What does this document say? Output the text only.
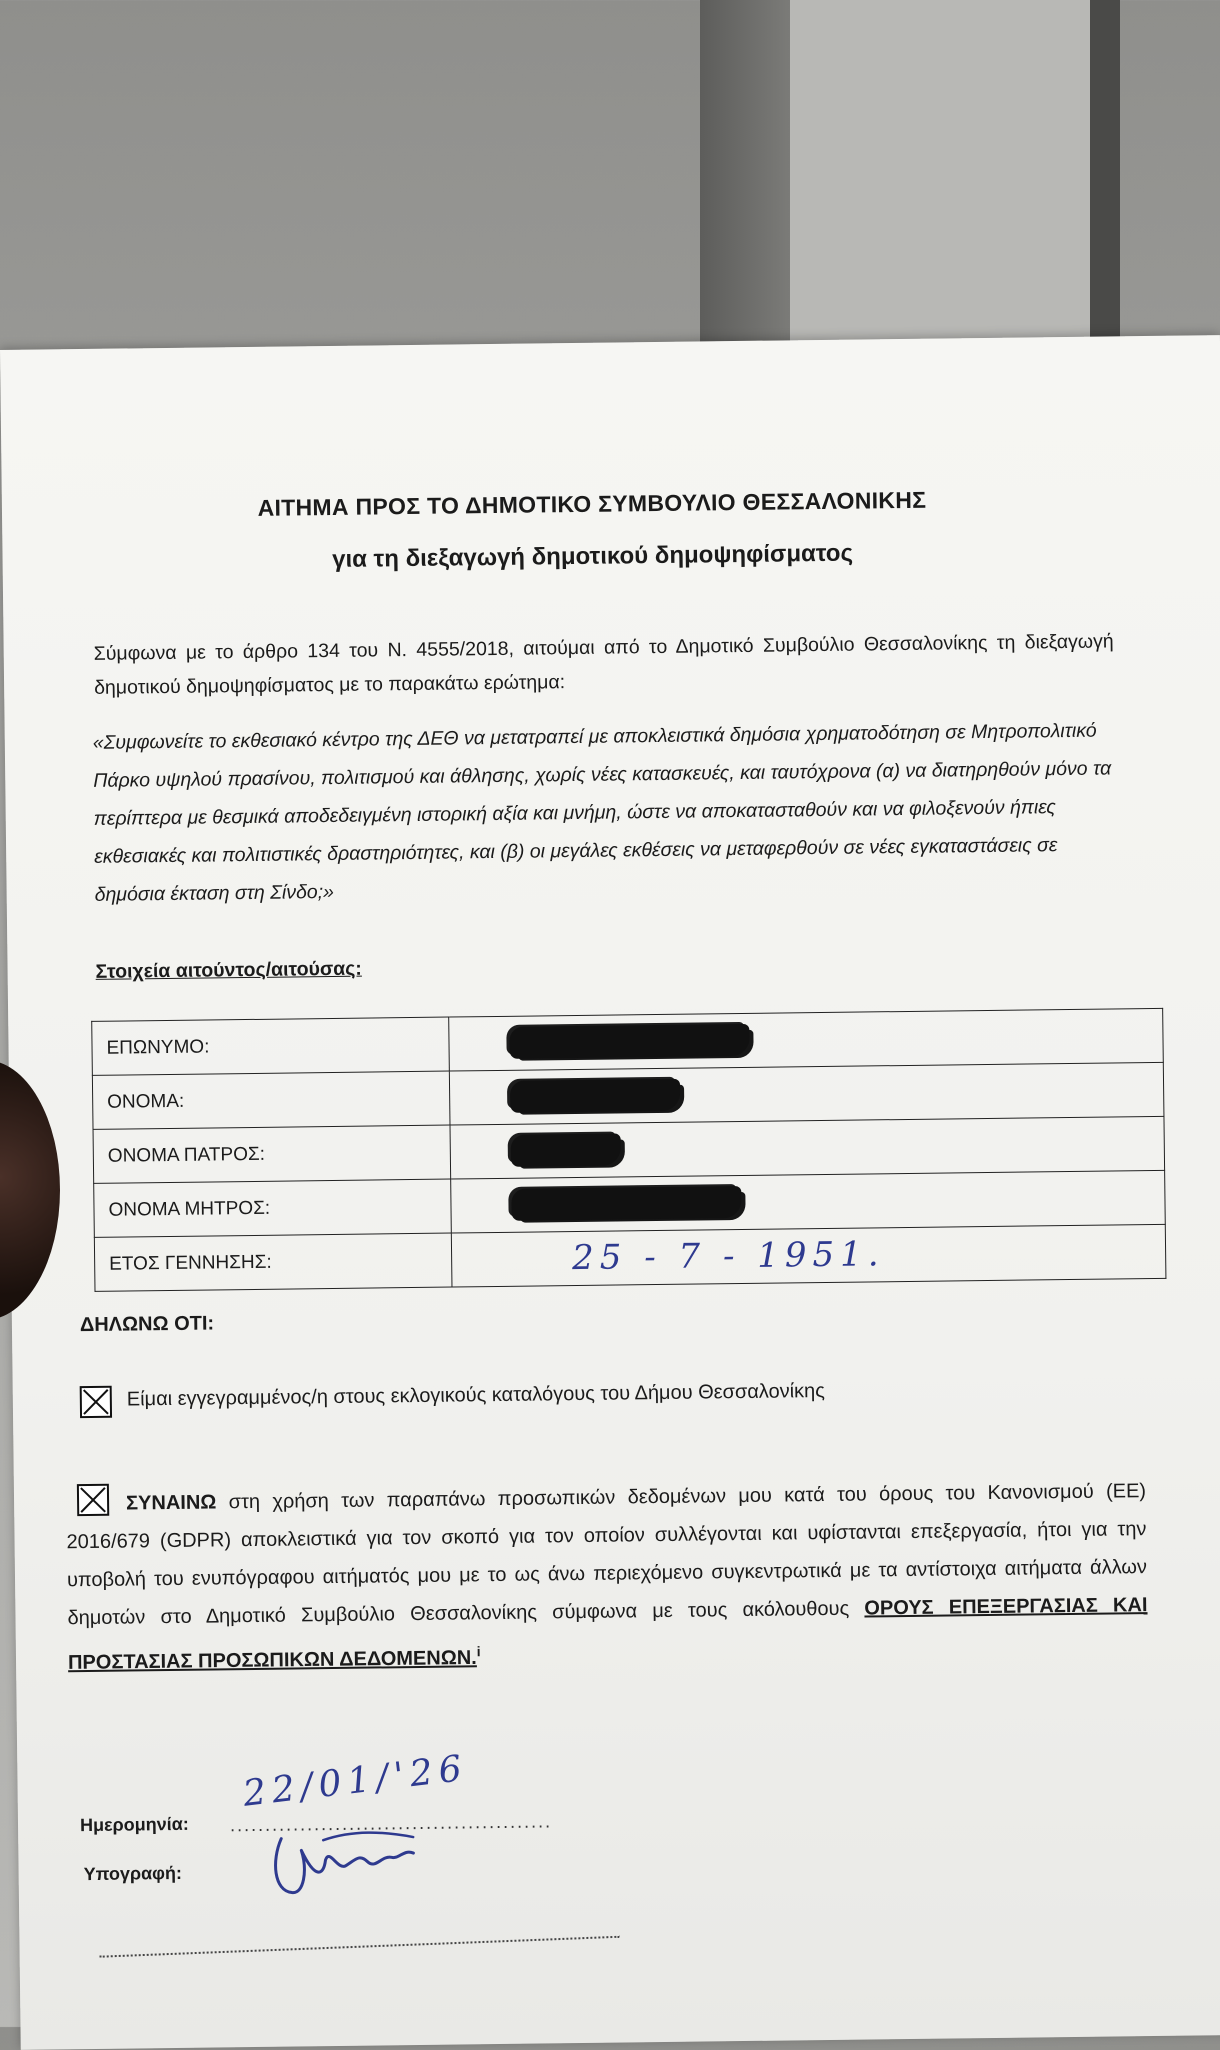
ΑΙΤΗΜΑ ΠΡΟΣ ΤΟ ΔΗΜΟΤΙΚΟ ΣΥΜΒΟΥΛΙΟ ΘΕΣΣΑΛΟΝΙΚΗΣ
για τη διεξαγωγή δημοτικού δημοψηφίσματος
Σύμφωνα με το άρθρο 134 του Ν. 4555/2018, αιτούμαι από το Δημοτικό Συμβούλιο Θεσσαλονίκης τη διεξαγωγή δημοτικού δημοψηφίσματος με το παρακάτω ερώτημα:
«Συμφωνείτε το εκθεσιακό κέντρο της ΔΕΘ να μετατραπεί με αποκλειστικά δημόσια χρηματοδότηση σε Μητροπολιτικό Πάρκο υψηλού πρασίνου, πολιτισμού και άθλησης, χωρίς νέες κατασκευές, και ταυτόχρονα (α) να διατηρηθούν μόνο τα περίπτερα με θεσμικά αποδεδειγμένη ιστορική αξία και μνήμη, ώστε να αποκατασταθούν και να φιλοξενούν ήπιες εκθεσιακές και πολιτιστικές δραστηριότητες, και (β) οι μεγάλες εκθέσεις να μεταφερθούν σε νέες εγκαταστάσεις σε δημόσια έκταση στη Σίνδο;»
Στοιχεία αιτούντος/αιτούσας:
ΕΠΩΝΥΜΟ:	

ΟΝΟΜΑ:	

ΟΝΟΜΑ ΠΑΤΡΟΣ:	

ΟΝΟΜΑ ΜΗΤΡΟΣ:	

ΕΤΟΣ ΓΕΝΝΗΣΗΣ:	25 - 7 - 1951.
ΔΗΛΩΝΩ ΟΤΙ:
Είμαι εγγεγραμμένος/η στους εκλογικούς καταλόγους του Δήμου Θεσσαλονίκης
ΣΥΝΑΙΝΩ στη χρήση των παραπάνω προσωπικών δεδομένων μου κατά του όρους του Κανονισμού (ΕΕ) 2016/679 (GDPR) αποκλειστικά για τον σκοπό για τον οποίον συλλέγονται και υφίστανται επεξεργασία, ήτοι για την υποβολή του ενυπόγραφου αιτήματός μου με το ως άνω περιεχόμενο συγκεντρωτικά με τα αντίστοιχα αιτήματα άλλων δημοτών στο Δημοτικό Συμβούλιο Θεσσαλονίκης σύμφωνα με τους ακόλουθους ΟΡΟΥΣ ΕΠΕΞΕΡΓΑΣΙΑΣ ΚΑΙ ΠΡΟΣΤΑΣΙΑΣ ΠΡΟΣΩΠΙΚΩΝ ΔΕΔΟΜΕΝΩΝ.$^i$
Ημερομηνία: ..............................................
22/01/'26
Υπογραφή:
